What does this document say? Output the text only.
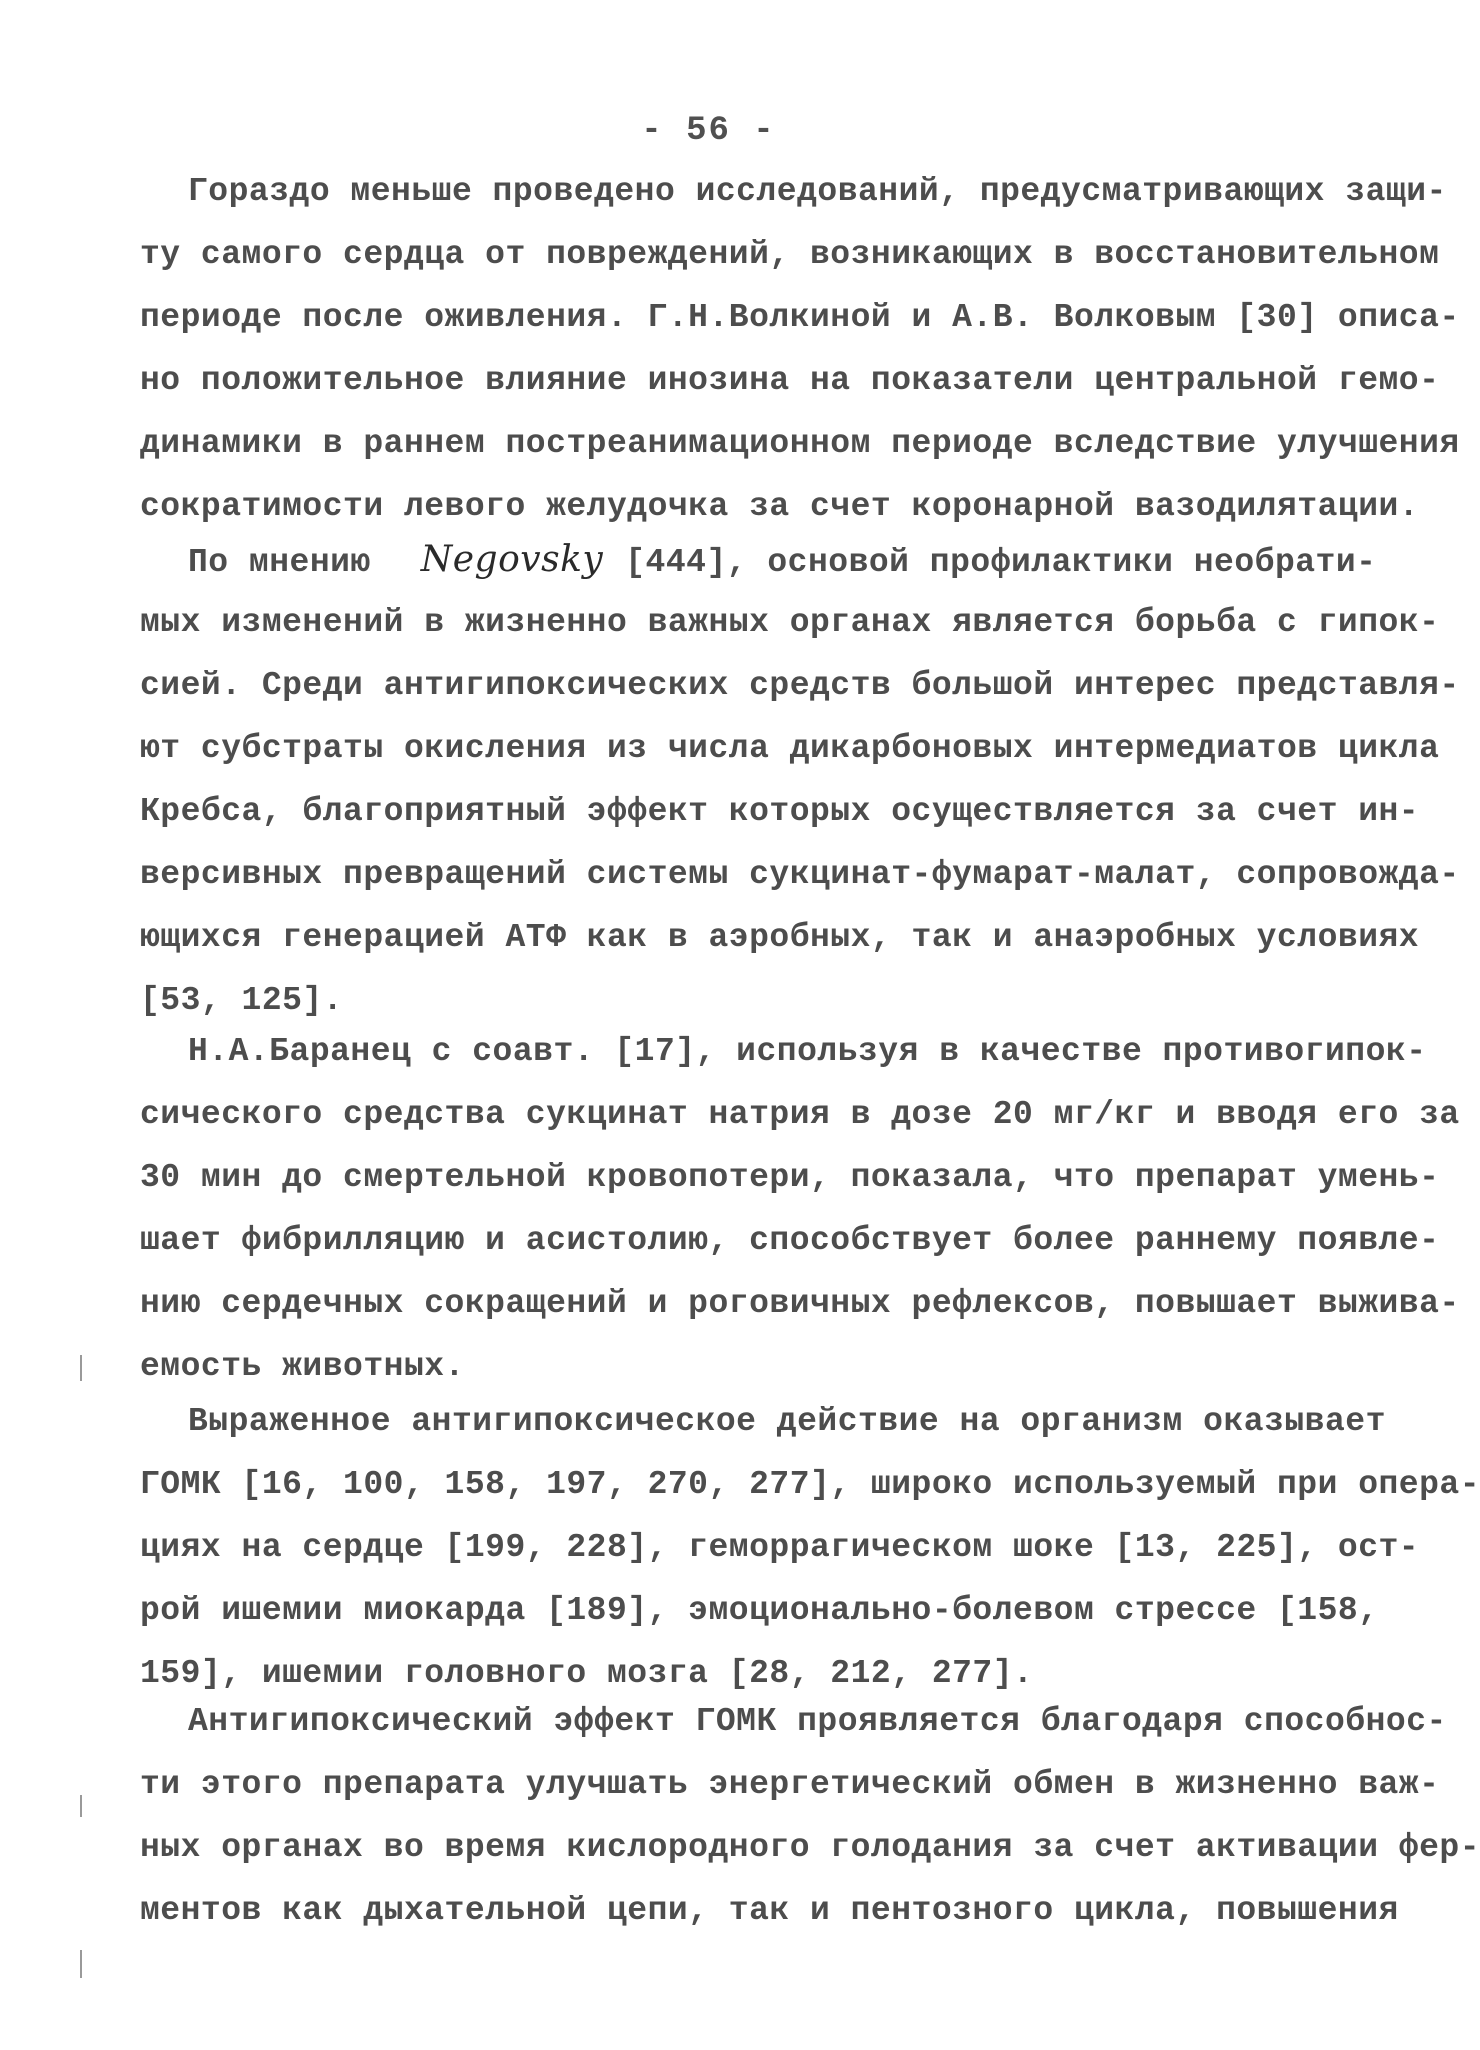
- 56 -
Гораздо меньше проведено исследований, предусматривающих защи-
ту самого сердца от повреждений, возникающих в восстановительном
периоде после оживления. Г.Н.Волкиной и А.В. Волковым [30] описа-
но положительное влияние инозина на показатели центральной гемо-
динамики в раннем постреанимационном периоде вследствие улучшения
сократимости левого желудочка за счет коронарной вазодилятации.
По мнению Negovsky [444], основой профилактики необрати-
мых изменений в жизненно важных органах является борьба с гипок-
сией. Среди антигипоксических средств большой интерес представля-
ют субстраты окисления из числа дикарбоновых интермедиатов цикла
Кребса, благоприятный эффект которых осуществляется за счет ин-
версивных превращений системы сукцинат-фумарат-малат, сопровожда-
ющихся генерацией АТФ как в аэробных, так и анаэробных условиях
[53, 125].
Н.А.Баранец с соавт. [17], используя в качестве противогипок-
сического средства сукцинат натрия в дозе 20 мг/кг и вводя его за
30 мин до смертельной кровопотери, показала, что препарат умень-
шает фибрилляцию и асистолию, способствует более раннему появле-
нию сердечных сокращений и роговичных рефлексов, повышает выжива-
емость животных.
Выраженное антигипоксическое действие на организм оказывает
ГОМК [16, 100, 158, 197, 270, 277], широко используемый при опера-
циях на сердце [199, 228], геморрагическом шоке [13, 225], ост-
рой ишемии миокарда [189], эмоционально-болевом стрессе [158,
159], ишемии головного мозга [28, 212, 277].
Антигипоксический эффект ГОМК проявляется благодаря способнос-
ти этого препарата улучшать энергетический обмен в жизненно важ-
ных органах во время кислородного голодания за счет активации фер-
ментов как дыхательной цепи, так и пентозного цикла, повышения
